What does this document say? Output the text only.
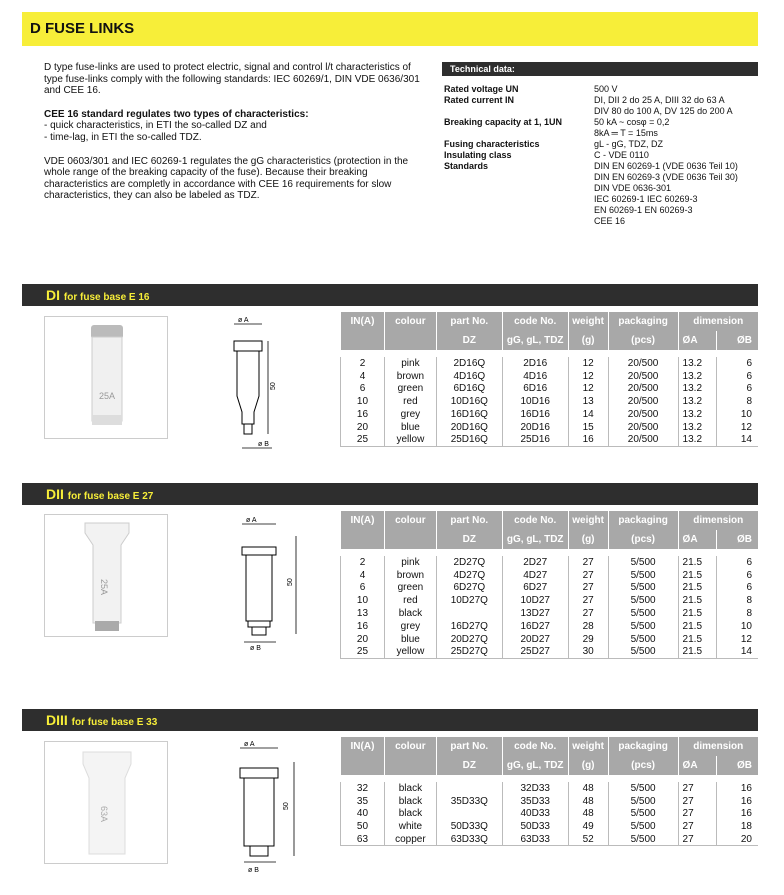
D FUSE LINKS

D type fuse-links are used to protect electric, signal and control l/t characteristics of type fuse-links comply with the following standards: IEC 60269/1, DIN VDE 0636/301 and CEE 16.

CEE 16 standard regulates two types of characteristics:
- quick characteristics, in ETI the so-called DZ and
- time-lag, in ETI the so-called TDZ.

VDE 0603/301 and IEC 60269-1 regulates the gG characteristics (protection in the whole range of the breaking capacity of the fuse). Because their breaking characteristics are completly in accordance with CEE 16 requirements for slow characteristics, they can also be labeled as TDZ.

Technical data:
Rated voltage UN	500 V
Rated current IN	DI, DII 2 do 25 A, DIII 32 do 63 A
DIV 80 do 100 A, DV 125 do 200 A
Breaking capacity at 1, 1UN	50 kA ~ cosφ = 0,2
8kA ═ T = 15ms
Fusing characteristics	gL - gG, TDZ, DZ
Insulating class	C - VDE 0110
Standards	DIN EN 60269-1 (VDE 0636 Teil 10)
DIN EN 60269-3 (VDE 0636 Teil 30)
DIN VDE 0636-301
IEC 60269-1 IEC 60269-3
EN 60269-1 EN 60269-3
CEE 16
DI for fuse base E 16
25A
ø A
50
ø B
IN(A)	colour	part No.	code No.	weight	packaging	dimension	
		DZ	gG, gL, TDZ	(g)	(pcs)	ØA	ØB

2	pink	2D16Q	2D16	12	20/500	13.2	6
4	brown	4D16Q	4D16	12	20/500	13.2	6
6	green	6D16Q	6D16	12	20/500	13.2	6
10	red	10D16Q	10D16	13	20/500	13.2	8
16	grey	16D16Q	16D16	14	20/500	13.2	10
20	blue	20D16Q	20D16	15	20/500	13.2	12
25	yellow	25D16Q	25D16	16	20/500	13.2	14
DII for fuse base E 27
25A
ø A
50
ø B
IN(A)	colour	part No.	code No.	weight	packaging	dimension	
		DZ	gG, gL, TDZ	(g)	(pcs)	ØA	ØB

2	pink	2D27Q	2D27	27	5/500	21.5	6
4	brown	4D27Q	4D27	27	5/500	21.5	6
6	green	6D27Q	6D27	27	5/500	21.5	6
10	red	10D27Q	10D27	27	5/500	21.5	8
13	black		13D27	27	5/500	21.5	8
16	grey	16D27Q	16D27	28	5/500	21.5	10
20	blue	20D27Q	20D27	29	5/500	21.5	12
25	yellow	25D27Q	25D27	30	5/500	21.5	14
DIII for fuse base E 33
63A
ø A
50
ø B
IN(A)	colour	part No.	code No.	weight	packaging	dimension	
		DZ	gG, gL, TDZ	(g)	(pcs)	ØA	ØB

32	black		32D33	48	5/500	27	16
35	black	35D33Q	35D33	48	5/500	27	16
40	black		40D33	48	5/500	27	16
50	white	50D33Q	50D33	49	5/500	27	18
63	copper	63D33Q	63D33	52	5/500	27	20
